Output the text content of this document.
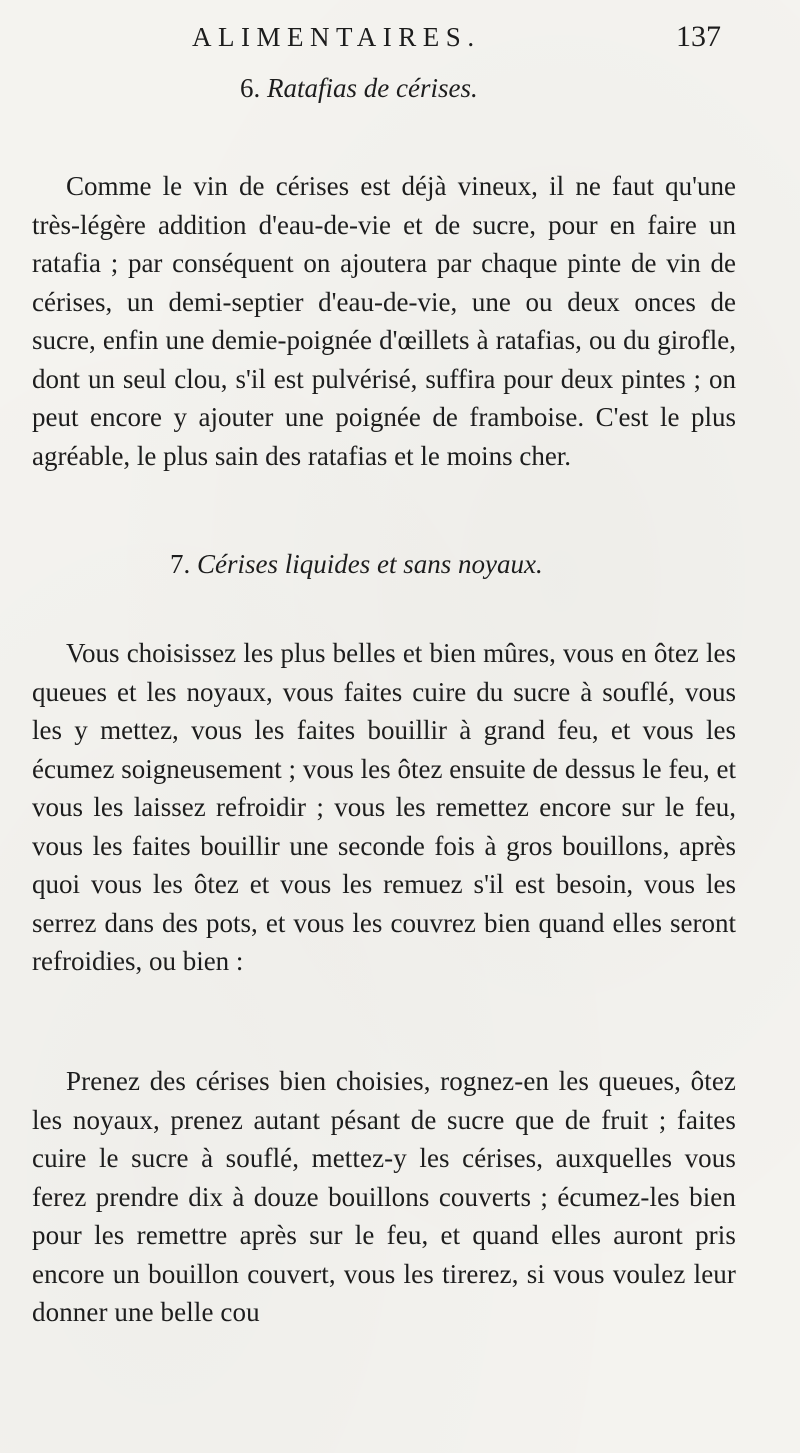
ALIMENTAIRES.	137
6. Ratafias de cérises.

Comme le vin de cérises est déjà vineux, il ne faut qu'une très-légère addition d'eau-de-vie et de sucre, pour en faire un ratafia ; par conséquent on ajoutera par chaque pinte de vin de cérises, un demi-septier d'eau-de-vie, une ou deux onces de sucre, enfin une demie-poignée d'œillets à ratafias, ou du girofle, dont un seul clou, s'il est pulvérisé, suffira pour deux pintes ; on peut encore y ajouter une poignée de framboise. C'est le plus agréable, le plus sain des ratafias et le moins cher.

7. Cérises liquides et sans noyaux.

Vous choisissez les plus belles et bien mûres, vous en ôtez les queues et les noyaux, vous faites cuire du sucre à souflé, vous les y mettez, vous les faites bouillir à grand feu, et vous les écumez soigneusement ; vous les ôtez ensuite de dessus le feu, et vous les laissez refroidir ; vous les remettez encore sur le feu, vous les faites bouillir une seconde fois à gros bouillons, après quoi vous les ôtez et vous les remuez s'il est besoin, vous les serrez dans des pots, et vous les couvrez bien quand elles seront refroidies, ou bien :

Prenez des cérises bien choisies, rognez-en les queues, ôtez les noyaux, prenez autant pésant de sucre que de fruit ; faites cuire le sucre à souflé, mettez-y les cérises, auxquelles vous ferez prendre dix à douze bouillons couverts ; écumez-les bien pour les remettre après sur le feu, et quand elles auront pris encore un bouillon couvert, vous les tirerez, si vous voulez leur donner une belle cou
